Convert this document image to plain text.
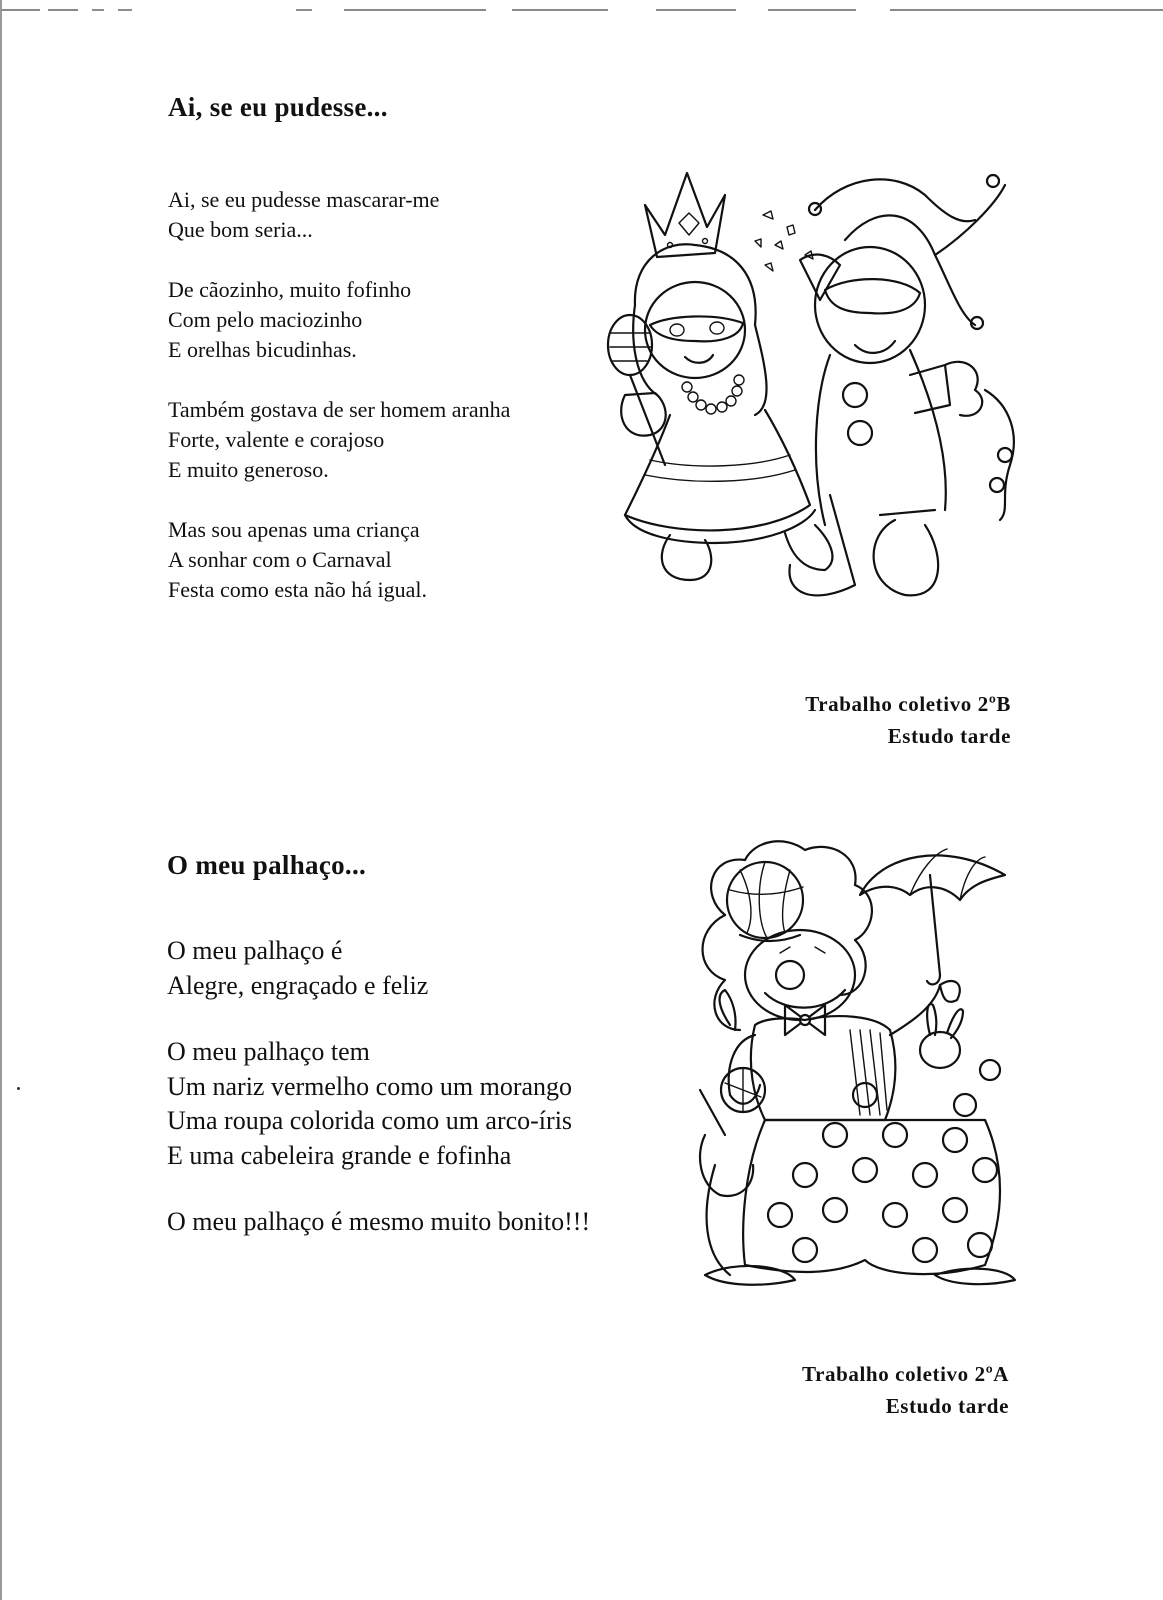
Ai, se eu pudesse...

Ai, se eu pudesse mascarar-me
Que bom seria...

De cãozinho, muito fofinho
Com pelo maciozinho
E orelhas bicudinhas.

Também gostava de ser homem aranha
Forte, valente e corajoso
E muito generoso.

Mas sou apenas uma criança
A sonhar com o Carnaval
Festa como esta não há igual.

Trabalho coletivo 2ºB
Estudo tarde
O meu palhaço...

O meu palhaço é
Alegre, engraçado e feliz

O meu palhaço tem
Um nariz vermelho como um morango
Uma roupa colorida como um arco-íris
E uma cabeleira grande e fofinha

O meu palhaço é mesmo muito bonito!!!

Trabalho coletivo 2ºA
Estudo tarde
